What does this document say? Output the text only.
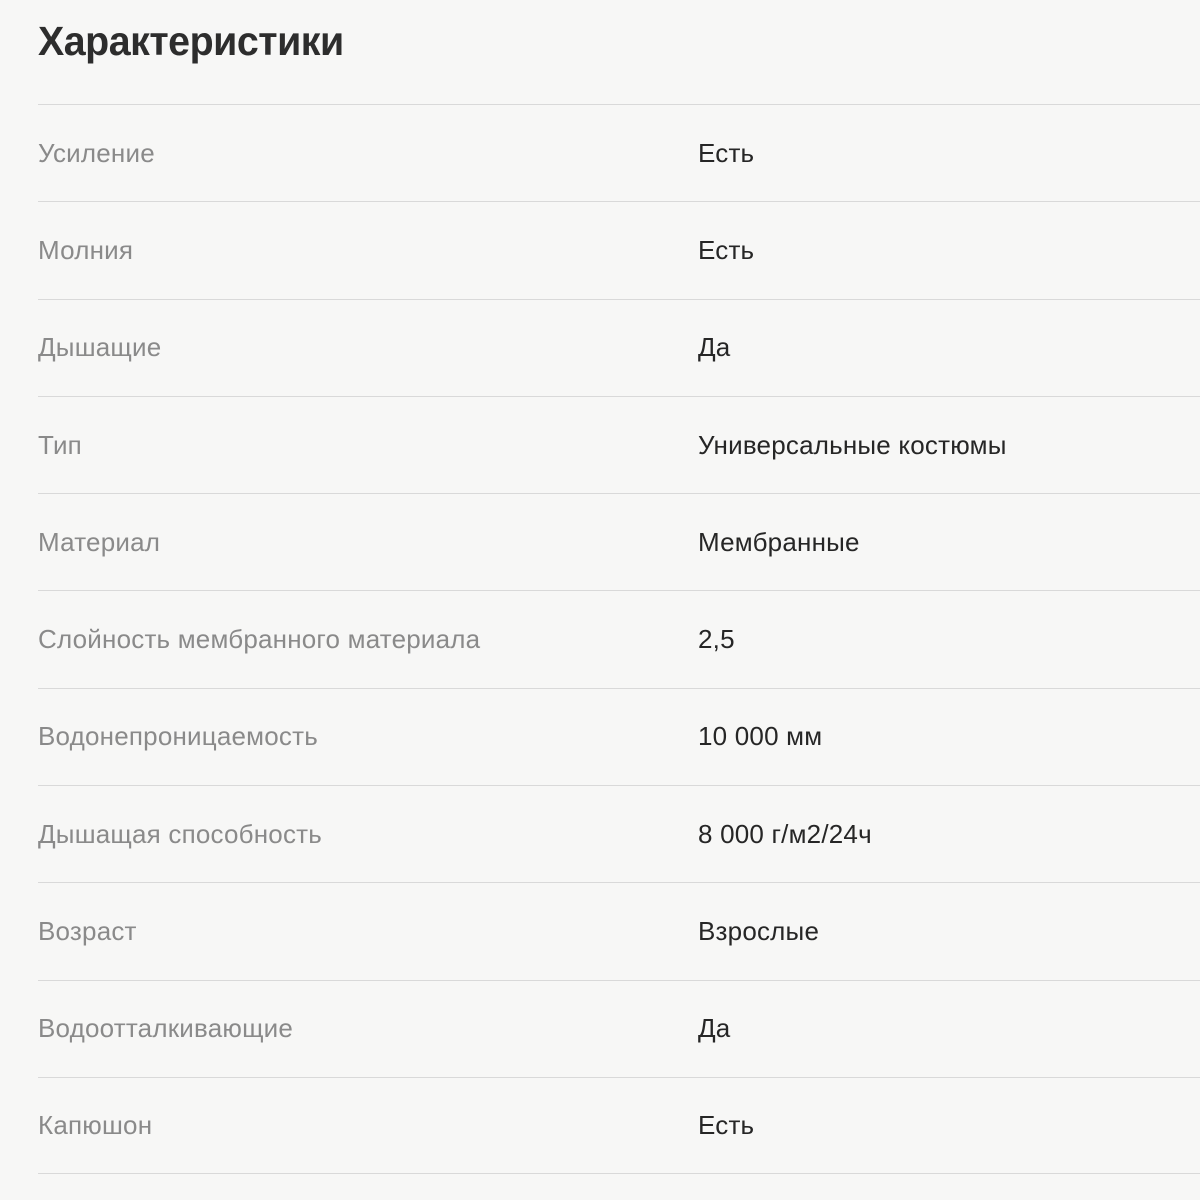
Характеристики
Усиление	Есть
Молния	Есть
Дышащие	Да
Тип	Универсальные костюмы
Материал	Мембранные
Слойность мембранного материала	2,5
Водонепроницаемость	10 000 мм
Дышащая способность	8 000 г/м2/24ч
Возраст	Взрослые
Водоотталкивающие	Да
Капюшон	Есть
